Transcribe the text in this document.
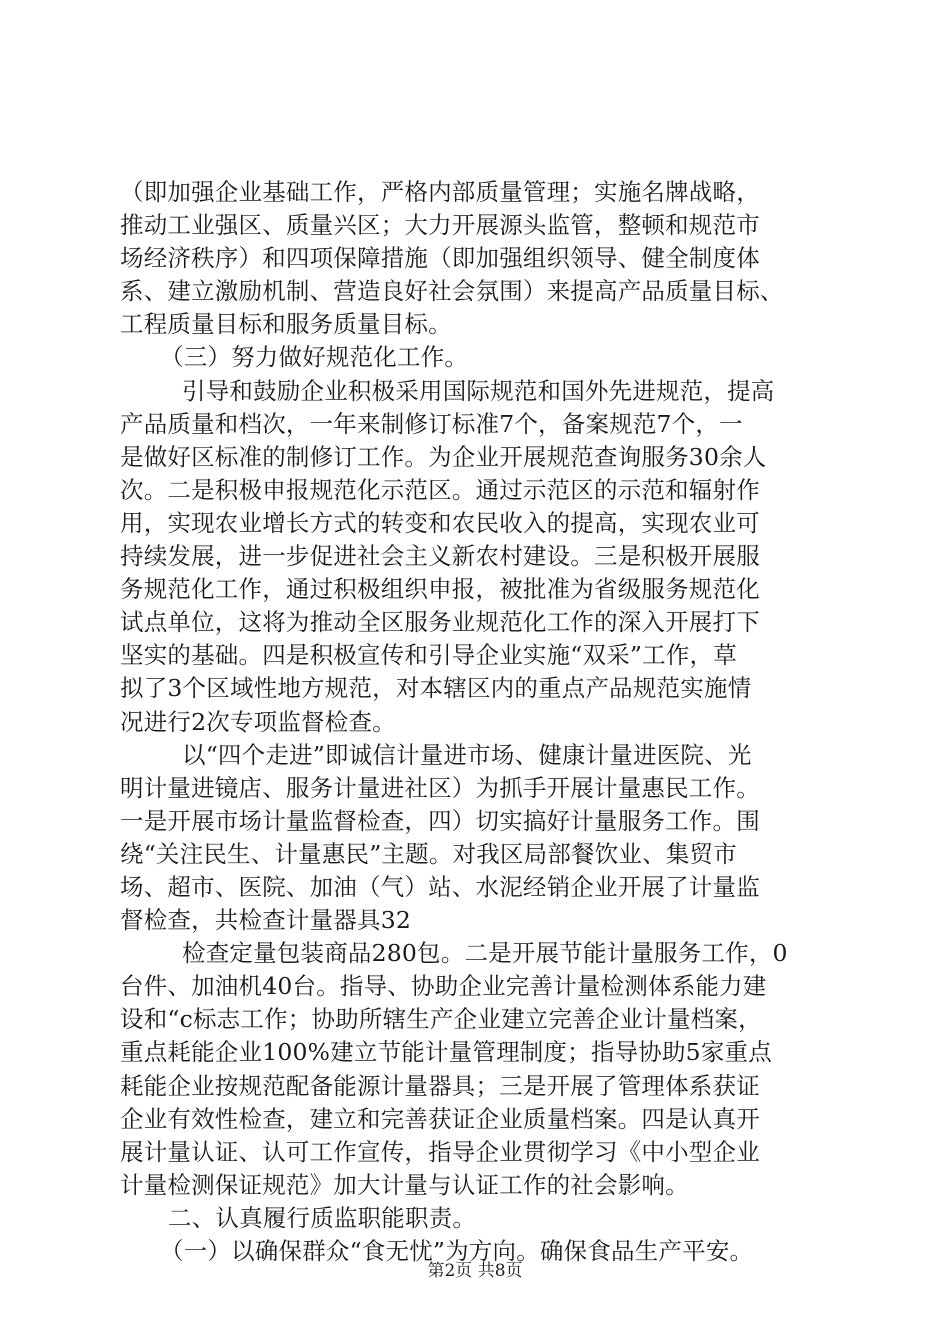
（即加强企业基础工作，严格内部质量管理；实施名牌战略，
推动工业强区、质量兴区；大力开展源头监管，整顿和规范市
场经济秩序）和四项保障措施（即加强组织领导、健全制度体
系、建立激励机制、营造良好社会氛围）来提高产品质量目标、
工程质量目标和服务质量目标。
（三）努力做好规范化工作。
引导和鼓励企业积极采用国际规范和国外先进规范，提高
产品质量和档次，一年来制修订标准7个，备案规范7个，一
是做好区标准的制修订工作。为企业开展规范查询服务30余人
次。二是积极申报规范化示范区。通过示范区的示范和辐射作
用，实现农业增长方式的转变和农民收入的提高，实现农业可
持续发展，进一步促进社会主义新农村建设。三是积极开展服
务规范化工作，通过积极组织申报，被批准为省级服务规范化
试点单位，这将为推动全区服务业规范化工作的深入开展打下
坚实的基础。四是积极宣传和引导企业实施“双采”工作，草
拟了3个区域性地方规范，对本辖区内的重点产品规范实施情
况进行2次专项监督检查。
以“四个走进”即诚信计量进市场、健康计量进医院、光
明计量进镜店、服务计量进社区）为抓手开展计量惠民工作。
一是开展市场计量监督检查，四）切实搞好计量服务工作。围
绕“关注民生、计量惠民”主题。对我区局部餐饮业、集贸市
场、超市、医院、加油（气）站、水泥经销企业开展了计量监
督检查，共检查计量器具32
检查定量包装商品280包。二是开展节能计量服务工作，0
台件、加油机40台。指导、协助企业完善计量检测体系能力建
设和“c标志工作；协助所辖生产企业建立完善企业计量档案，
重点耗能企业100%建立节能计量管理制度；指导协助5家重点
耗能企业按规范配备能源计量器具；三是开展了管理体系获证
企业有效性检查，建立和完善获证企业质量档案。四是认真开
展计量认证、认可工作宣传，指导企业贯彻学习《中小型企业
计量检测保证规范》加大计量与认证工作的社会影响。
二、认真履行质监职能职责。
（一）以确保群众“食无忧”为方向。确保食品生产平安。
第2页 共8页
